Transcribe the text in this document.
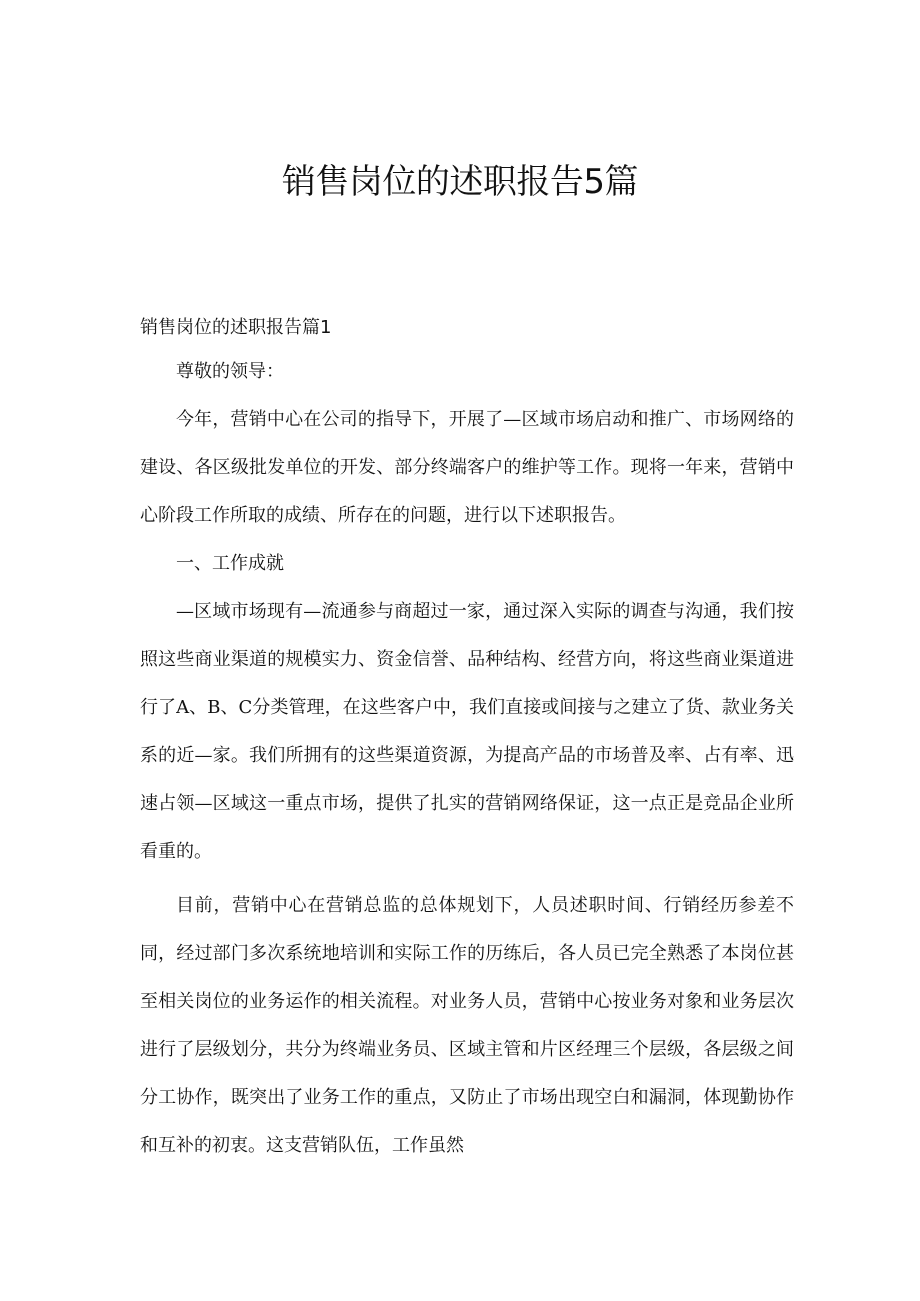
销售岗位的述职报告5篇
销售岗位的述职报告篇1

尊敬的领导：

今年，营销中心在公司的指导下，开展了—区域市场启动和推广、市场网络的建设、各区级批发单位的开发、部分终端客户的维护等工作。现将一年来，营销中心阶段工作所取的成绩、所存在的问题，进行以下述职报告。

一、工作成就

—区域市场现有—流通参与商超过一家，通过深入实际的调查与沟通，我们按照这些商业渠道的规模实力、资金信誉、品种结构、经营方向，将这些商业渠道进行了A、B、C分类管理，在这些客户中，我们直接或间接与之建立了货、款业务关系的近—家。我们所拥有的这些渠道资源，为提高产品的市场普及率、占有率、迅速占领—区域这一重点市场，提供了扎实的营销网络保证，这一点正是竞品企业所看重的。

目前，营销中心在营销总监的总体规划下，人员述职时间、行销经历参差不同，经过部门多次系统地培训和实际工作的历练后，各人员已完全熟悉了本岗位甚至相关岗位的业务运作的相关流程。对业务人员，营销中心按业务对象和业务层次进行了层级划分，共分为终端业务员、区域主管和片区经理三个层级，各层级之间分工协作，既突出了业务工作的重点，又防止了市场出现空白和漏洞，体现勤协作和互补的初衷。这支营销队伍，工作虽然
